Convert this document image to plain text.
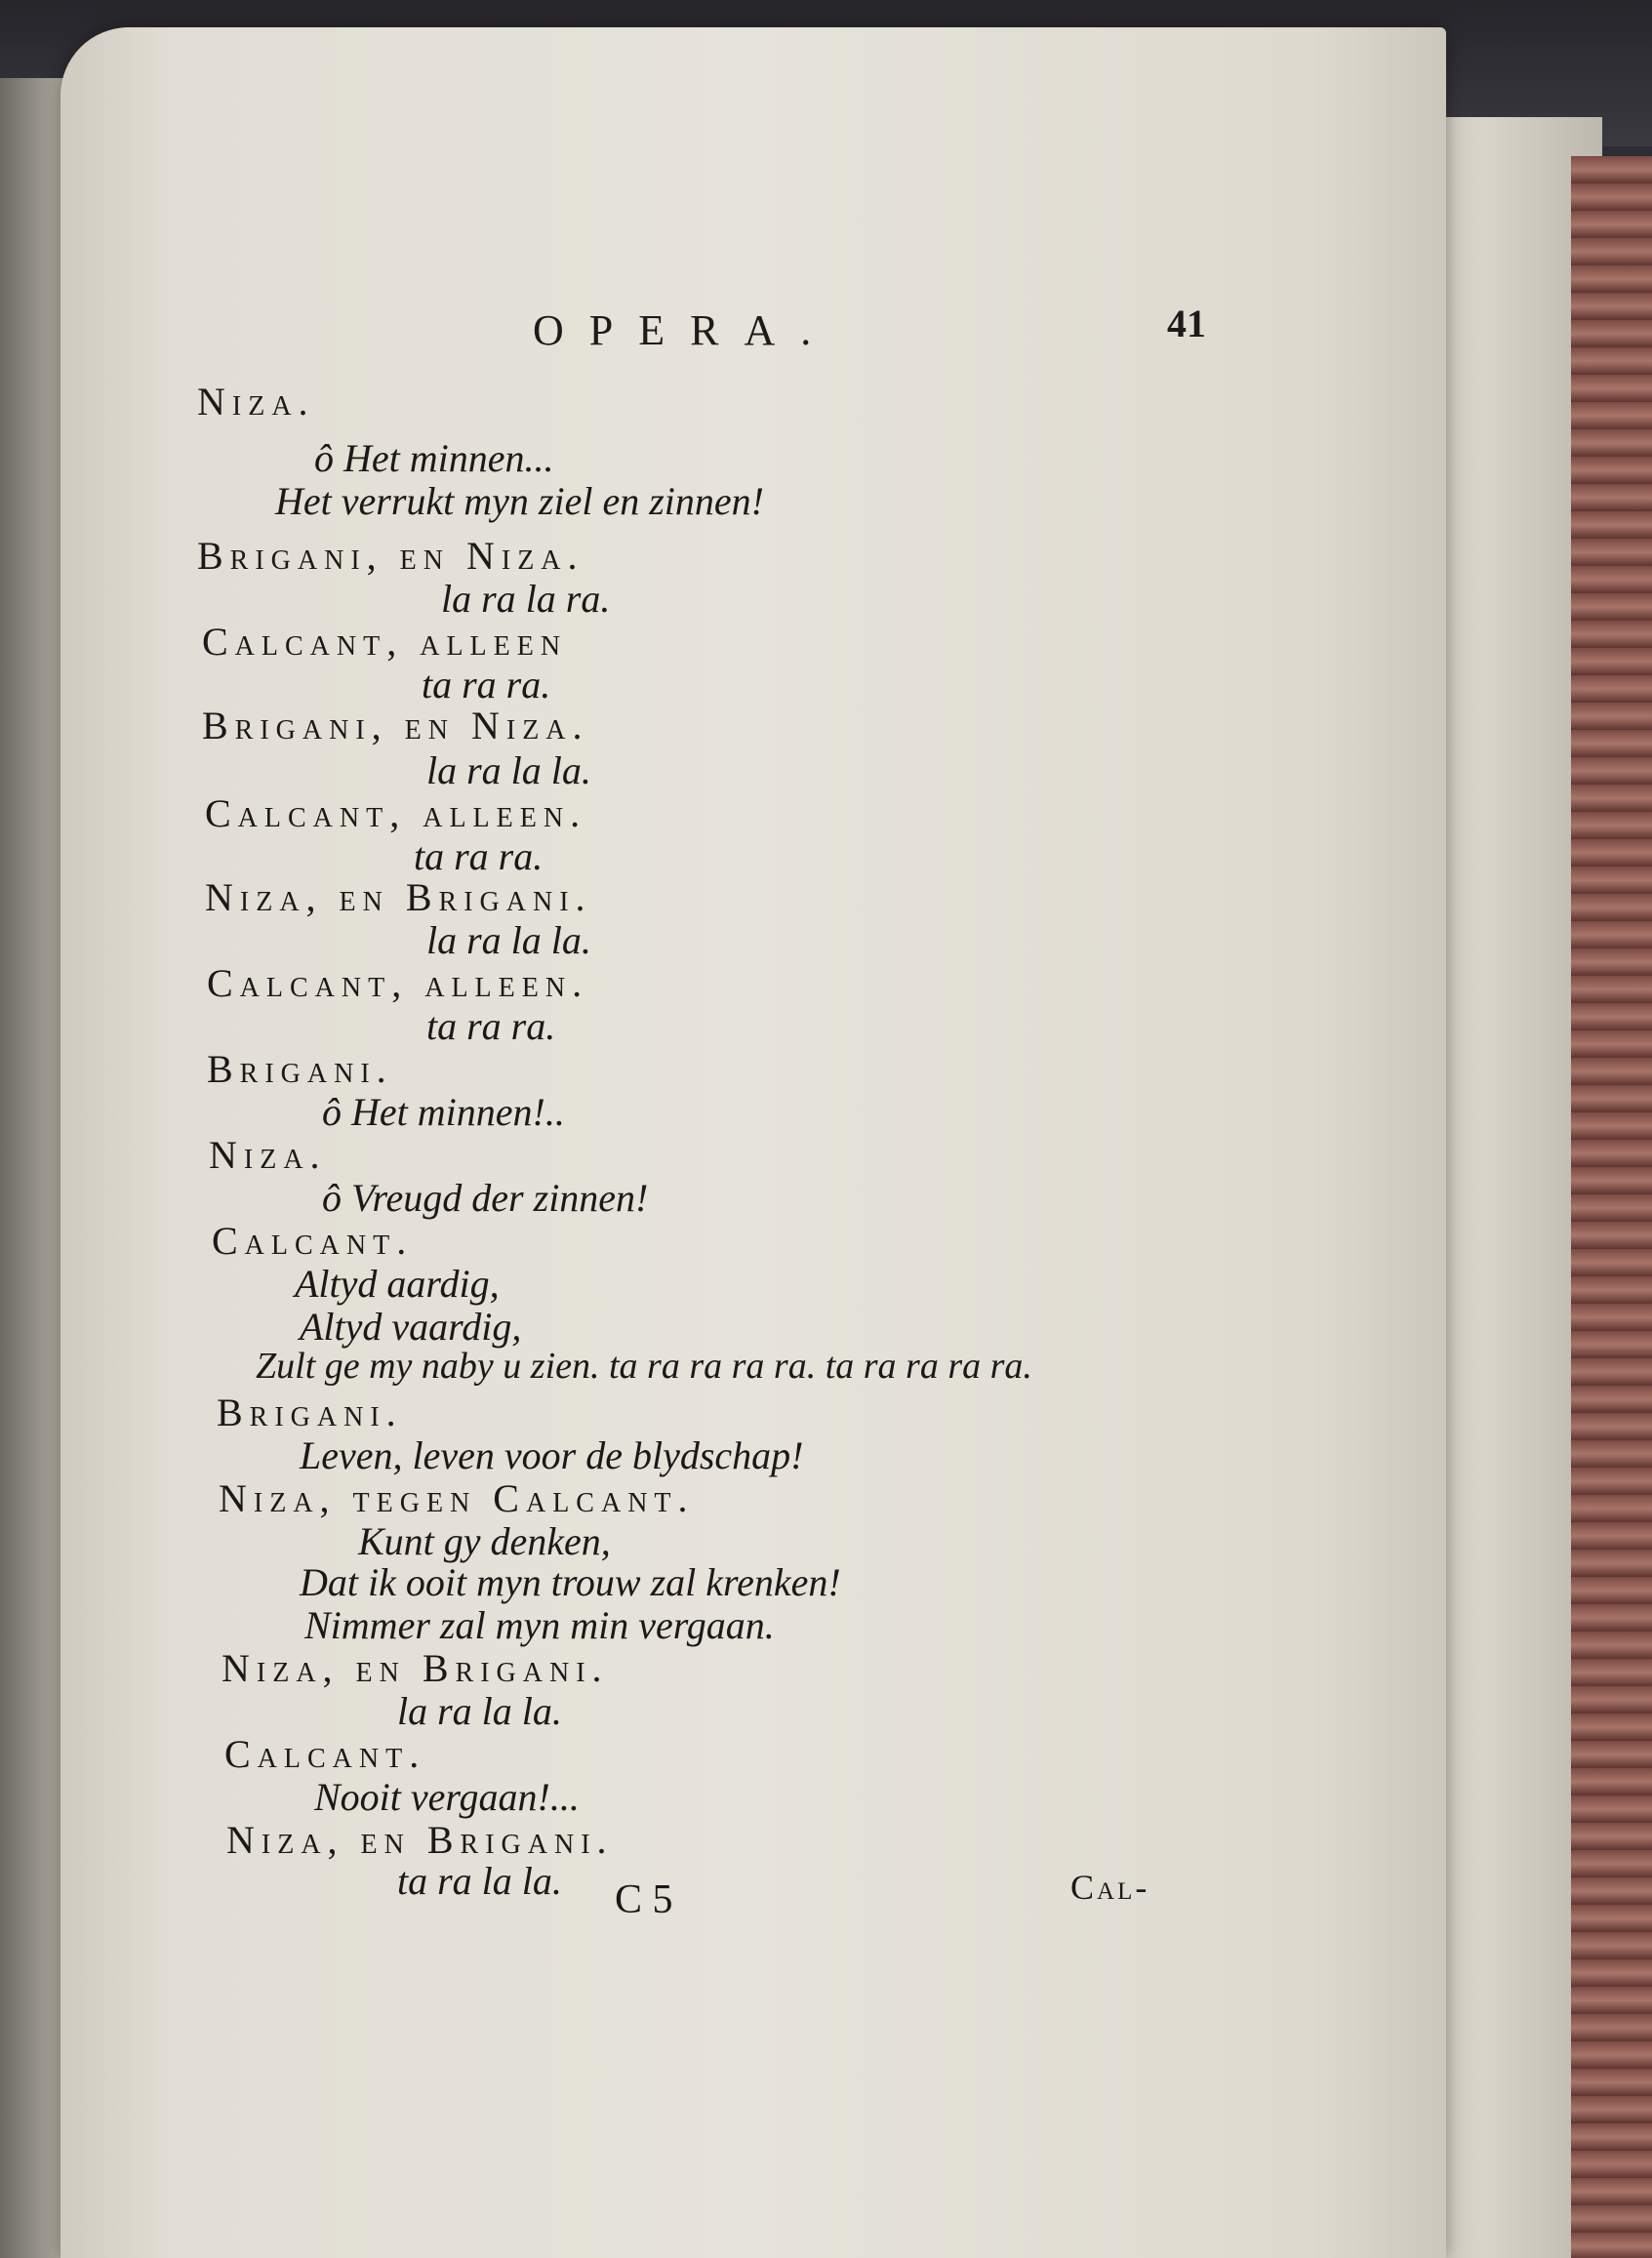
OPERA.	41
Niza.
ô Het minnen...
Het verrukt myn ziel en zinnen!
Brigani, en Niza.
la ra la ra.
Calcant, alleen
ta ra ra.
Brigani, en Niza.
la ra la la.
Calcant, alleen.
ta ra ra.
Niza, en Brigani.
la ra la la.
Calcant, alleen.
ta ra ra.
Brigani.
ô Het minnen!..
Niza.
ô Vreugd der zinnen!
Calcant.
Altyd aardig,
Altyd vaardig,
Zult ge my naby u zien. ta ra ra ra ra. ta ra ra ra ra.
Brigani.
Leven, leven voor de blydschap!
Niza, tegen Calcant.
Kunt gy denken,
Dat ik ooit myn trouw zal krenken!
Nimmer zal myn min vergaan.
Niza, en Brigani.
la ra la la.
Calcant.
Nooit vergaan!...
Niza, en Brigani.
ta ra la la. C 5	Cal-
